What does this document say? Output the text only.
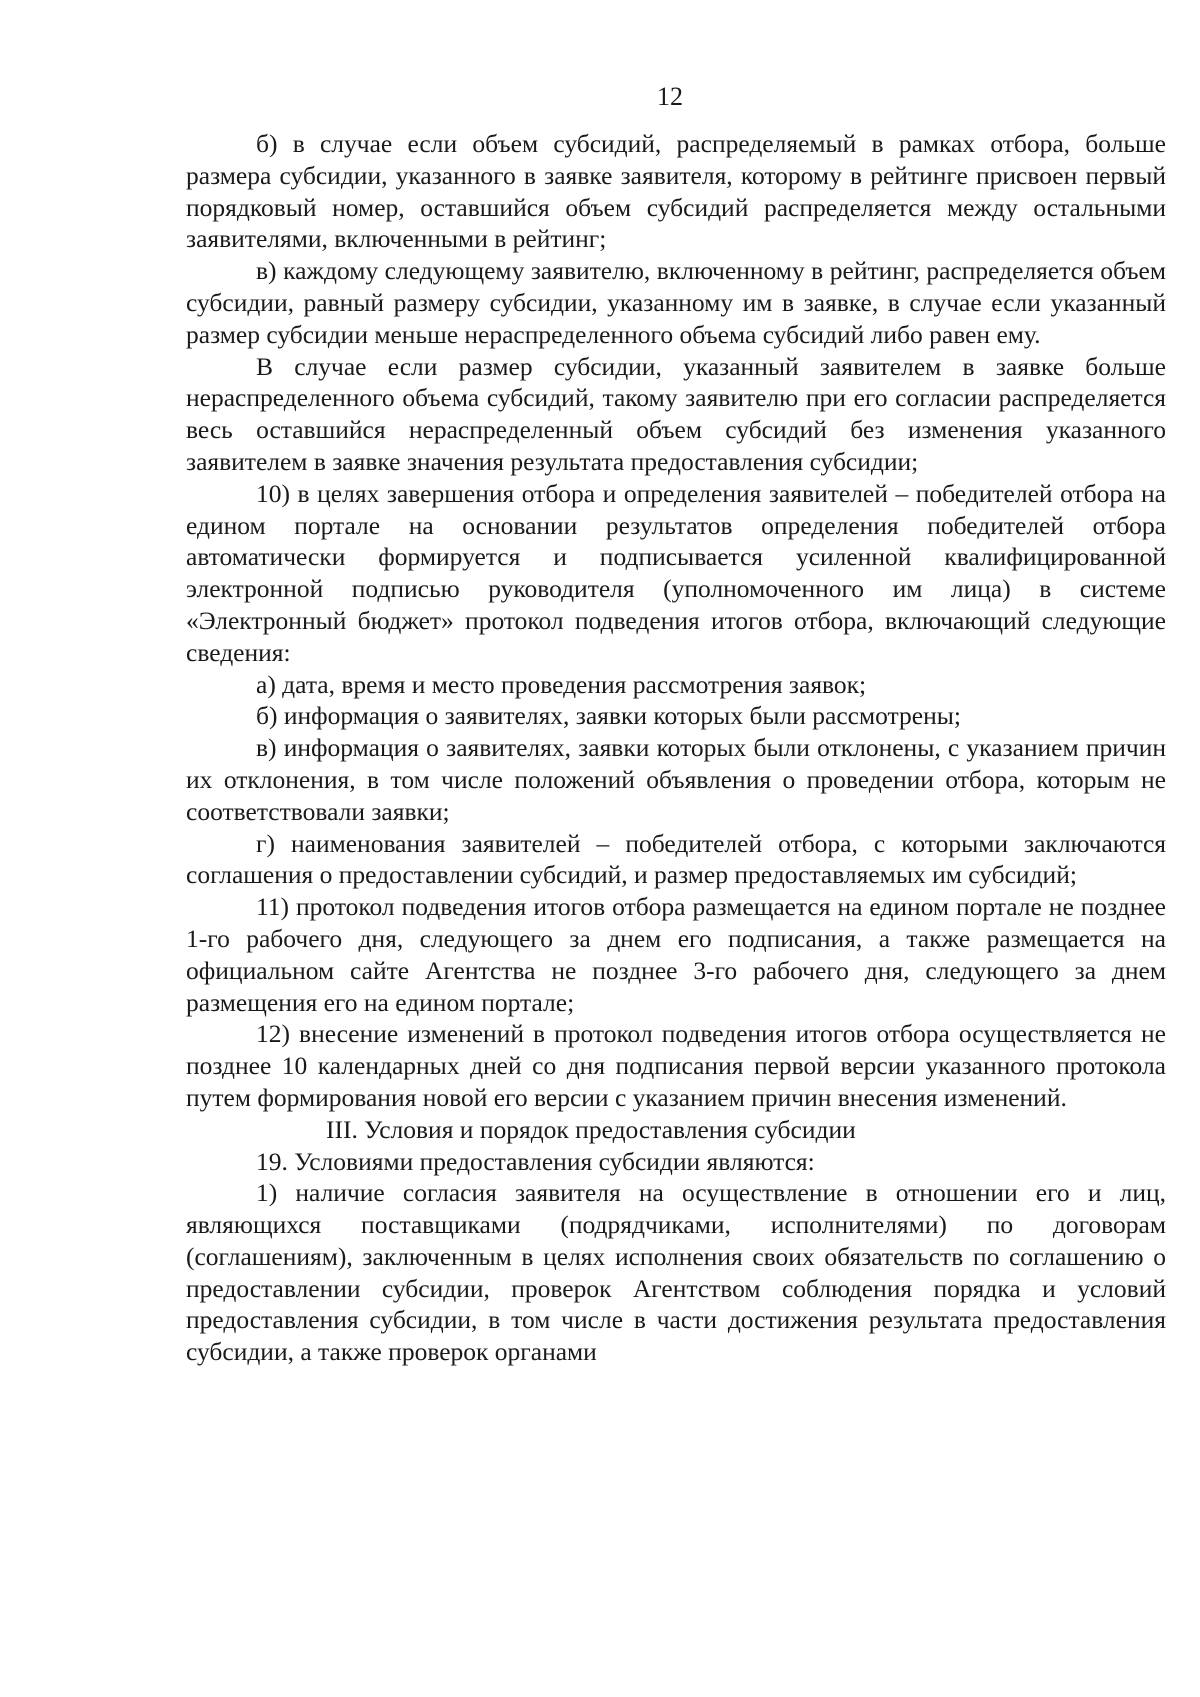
12

б) в случае если объем субсидий, распределяемый в рамках отбора, больше размера субсидии, указанного в заявке заявителя, которому в рейтинге присвоен первый порядковый номер, оставшийся объем субсидий распределяется между остальными заявителями, включенными в рейтинг;

в) каждому следующему заявителю, включенному в рейтинг, распределяется объем субсидии, равный размеру субсидии, указанному им в заявке, в случае если указанный размер субсидии меньше нераспределенного объема субсидий либо равен ему.

В случае если размер субсидии, указанный заявителем в заявке больше нераспределенного объема субсидий, такому заявителю при его согласии распределяется весь оставшийся нераспределенный объем субсидий без изменения указанного заявителем в заявке значения результата предоставления субсидии;

10) в целях завершения отбора и определения заявителей – победителей отбора на едином портале на основании результатов определения победителей отбора автоматически формируется и подписывается усиленной квалифицированной электронной подписью руководителя (уполномоченного им лица) в системе «Электронный бюджет» протокол подведения итогов отбора, включающий следующие сведения:

а) дата, время и место проведения рассмотрения заявок;

б) информация о заявителях, заявки которых были рассмотрены;

в) информация о заявителях, заявки которых были отклонены, с указанием причин их отклонения, в том числе положений объявления о проведении отбора, которым не соответствовали заявки;

г) наименования заявителей – победителей отбора, с которыми заключаются соглашения о предоставлении субсидий, и размер предоставляемых им субсидий;

11) протокол подведения итогов отбора размещается на едином портале не позднее 1-го рабочего дня, следующего за днем его подписания, а также размещается на официальном сайте Агентства не позднее 3-го рабочего дня, следующего за днем размещения его на едином портале;

12) внесение изменений в протокол подведения итогов отбора осуществляется не позднее 10 календарных дней со дня подписания первой версии указанного протокола путем формирования новой его версии с указанием причин внесения изменений.

III. Условия и порядок предоставления субсидии

19. Условиями предоставления субсидии являются:

1) наличие согласия заявителя на осуществление в отношении его и лиц, являющихся поставщиками (подрядчиками, исполнителями) по договорам (соглашениям), заключенным в целях исполнения своих обязательств по соглашению о предоставлении субсидии, проверок Агентством соблюдения порядка и условий предоставления субсидии, в том числе в части достижения результата предоставления субсидии, а также проверок органами
